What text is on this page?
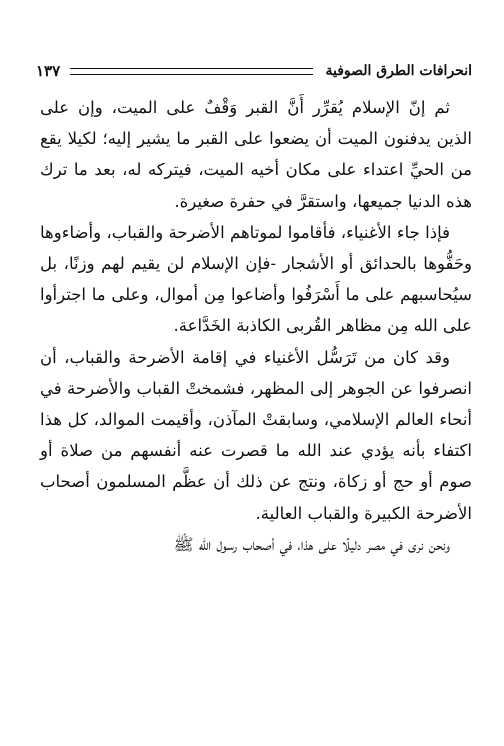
انحرافات الطرق الصوفية
١٣٧

ثم إنّ الإسلام يُقرِّر أَنَّ القبر وَقْفٌ على الميت، وإن على الذين يدفنون الميت أن يضعوا على القبر ما يشير إليه؛ لكيلا يقع من الحيِّ اعتداء على مكان أخيه الميت، فيتركه له، بعد ما ترك هذه الدنيا جميعها، واستقرَّ في حفرة صغيرة.

فإذا جاء الأغنياء، فأقاموا لموتاهم الأضرحة والقباب، وأضاءوها وحَفُّوها بالحدائق أو الأشجار -فإن الإسلام لن يقيم لهم وزنًا، بل سيُحاسبهم على ما أَسْرَفُوا وأضاعوا مِن أموال، وعلى ما اجترأوا على الله مِن مظاهر القُربى الكاذبة الخَدَّاعة.

وقد كان من تَرَسُّل الأغنياء في إقامة الأضرحة والقباب، أن انصرفوا عن الجوهر إلى المظهر، فشمختْ القباب والأضرحة في أنحاء العالم الإسلامي، وسابقتْ المآذن، وأقيمت الموالد، كل هذا اكتفاء بأنه يؤدي عند الله ما قصرت عنه أنفسهم من صلاة أو صوم أو حج أو زكاة، ونتج عن ذلك أن عظَّم المسلمون أصحاب الأضرحة الكبيرة والقباب العالية.

ونحن نرى في مصر دليلًا على هذا، في أصحاب رسول الله ﷺ
